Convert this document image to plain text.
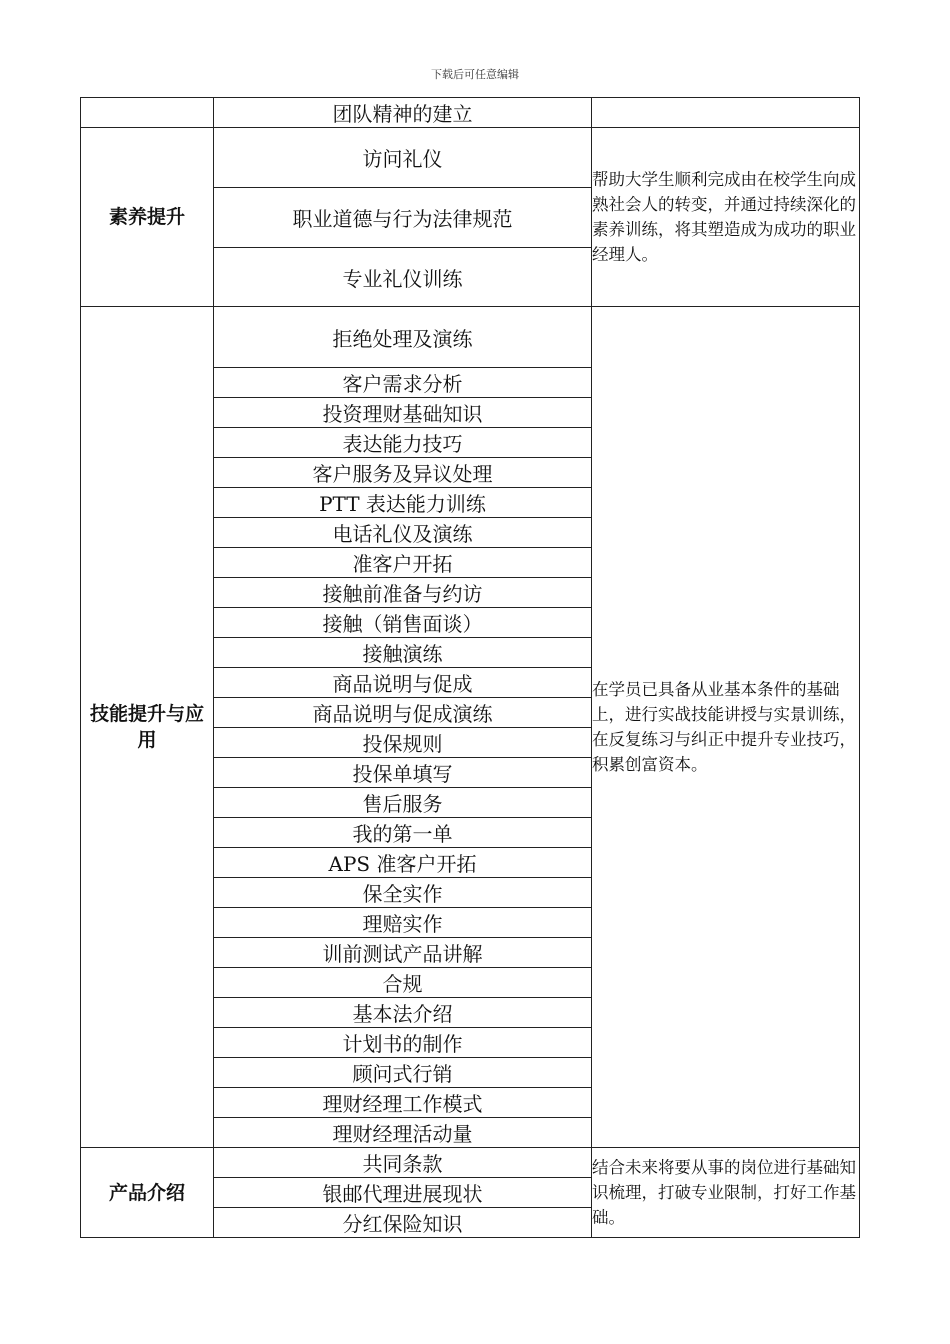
下载后可任意编辑
	团队精神的建立	
素养提升	访问礼仪	帮助大学生顺利完成由在校学生向成熟社会人的转变，并通过持续深化的素养训练，将其塑造成为成功的职业经理人。
	职业道德与行为法律规范	
	专业礼仪训练	
技能提升与应用	拒绝处理及演练	在学员已具备从业基本条件的基础上，进行实战技能讲授与实景训练，在反复练习与纠正中提升专业技巧，积累创富资本。
	客户需求分析	
	投资理财基础知识	
	表达能力技巧	
	客户服务及异议处理	
	PTT 表达能力训练	
	电话礼仪及演练	
	准客户开拓	
	接触前准备与约访	
	接触（销售面谈）	
	接触演练	
	商品说明与促成	
	商品说明与促成演练	
	投保规则	
	投保单填写	
	售后服务	
	我的第一单	
	APS 准客户开拓	
	保全实作	
	理赔实作	
	训前测试产品讲解	
	合规	
	基本法介绍	
	计划书的制作	
	顾问式行销	
	理财经理工作模式	
	理财经理活动量	
产品介绍	共同条款	结合未来将要从事的岗位进行基础知识梳理，打破专业限制，打好工作基础。
	银邮代理进展现状	
	分红保险知识	
